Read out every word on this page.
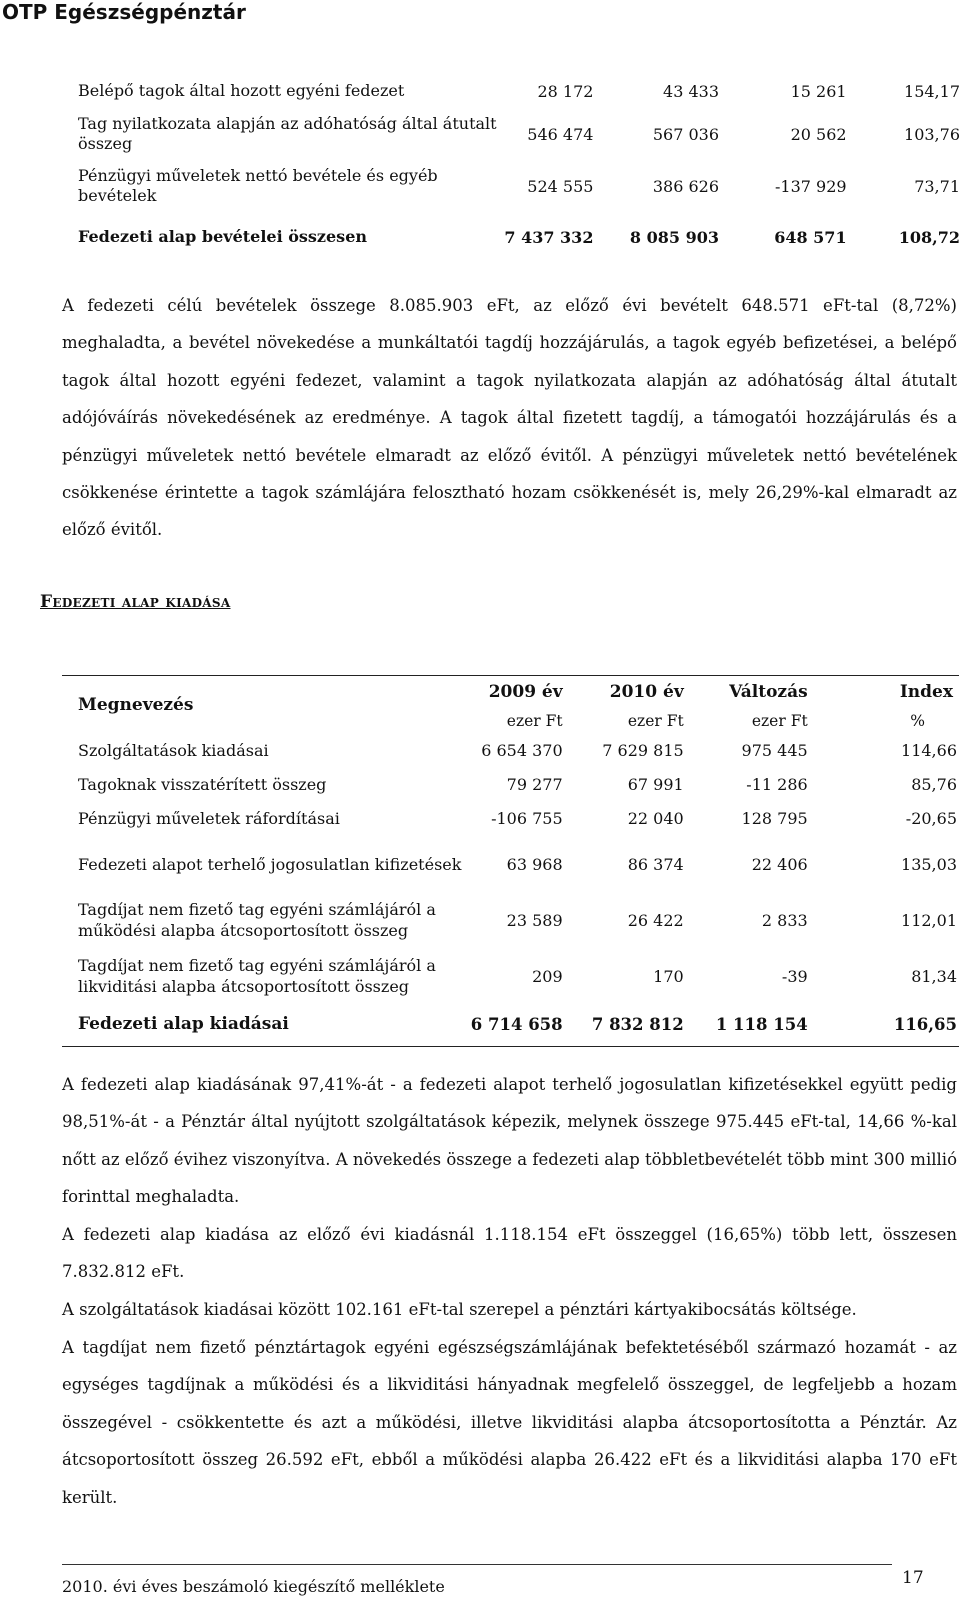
OTP Egészségpénztár
Belépő tagok által hozott egyéni fedezet	28 172	43 433	15 261	154,17
Tag nyilatkozata alapján az adóhatóság által átutalt összeg	546 474	567 036	20 562	103,76
Pénzügyi műveletek nettó bevétele és egyéb bevételek	524 555	386 626	-137 929	73,71
Fedezeti alap bevételei összesen	7 437 332	8 085 903	648 571	108,72

A fedezeti célú bevételek összege 8.085.903 eFt, az előző évi bevételt 648.571 eFt-tal (8,72%) meghaladta, a bevétel növekedése a munkáltatói tagdíj hozzájárulás, a tagok egyéb befizetései, a belépő tagok által hozott egyéni fedezet, valamint a tagok nyilatkozata alapján az adóhatóság által átutalt adójóváírás növekedésének az eredménye. A tagok által fizetett tagdíj, a támogatói hozzájárulás és a pénzügyi műveletek nettó bevétele elmaradt az előző évitől. A pénzügyi műveletek nettó bevételének csökkenése érintette a tagok számlájára felosztható hozam csökkenését is, mely 26,29%-kal elmaradt az előző évitől.

Fedezeti alap kiadása
Megnevezés	2009 év	2010 év	Változás	Index
	ezer Ft	ezer Ft	ezer Ft	%
Szolgáltatások kiadásai	6 654 370	7 629 815	975 445	114,66
Tagoknak visszatérített összeg	79 277	67 991	-11 286	85,76
Pénzügyi műveletek ráfordításai	-106 755	22 040	128 795	-20,65
Fedezeti alapot terhelő jogosulatlan kifizetések	63 968	86 374	22 406	135,03
Tagdíjat nem fizető tag egyéni számlájáról a működési alapba átcsoportosított összeg	23 589	26 422	2 833	112,01
Tagdíjat nem fizető tag egyéni számlájáról a likviditási alapba átcsoportosított összeg	209	170	-39	81,34
Fedezeti alap kiadásai	6 714 658	7 832 812	1 118 154	116,65

A fedezeti alap kiadásának 97,41%-át - a fedezeti alapot terhelő jogosulatlan kifizetésekkel együtt pedig 98,51%-át - a Pénztár által nyújtott szolgáltatások képezik, melynek összege 975.445 eFt-tal, 14,66 %-kal nőtt az előző évihez viszonyítva. A növekedés összege a fedezeti alap többletbevételét több mint 300 millió forinttal meghaladta.

A fedezeti alap kiadása az előző évi kiadásnál 1.118.154 eFt összeggel (16,65%) több lett, összesen 7.832.812 eFt.

A szolgáltatások kiadásai között 102.161 eFt-tal szerepel a pénztári kártyakibocsátás költsége.

A tagdíjat nem fizető pénztártagok egyéni egészségszámlájának befektetéséből származó hozamát - az egységes tagdíjnak a működési és a likviditási hányadnak megfelelő összeggel, de legfeljebb a hozam összegével - csökkentette és azt a működési, illetve likviditási alapba átcsoportosította a Pénztár. Az átcsoportosított összeg 26.592 eFt, ebből a működési alapba 26.422 eFt és a likviditási alapba 170 eFt került.

2010. évi éves beszámoló kiegészítő melléklete	17
